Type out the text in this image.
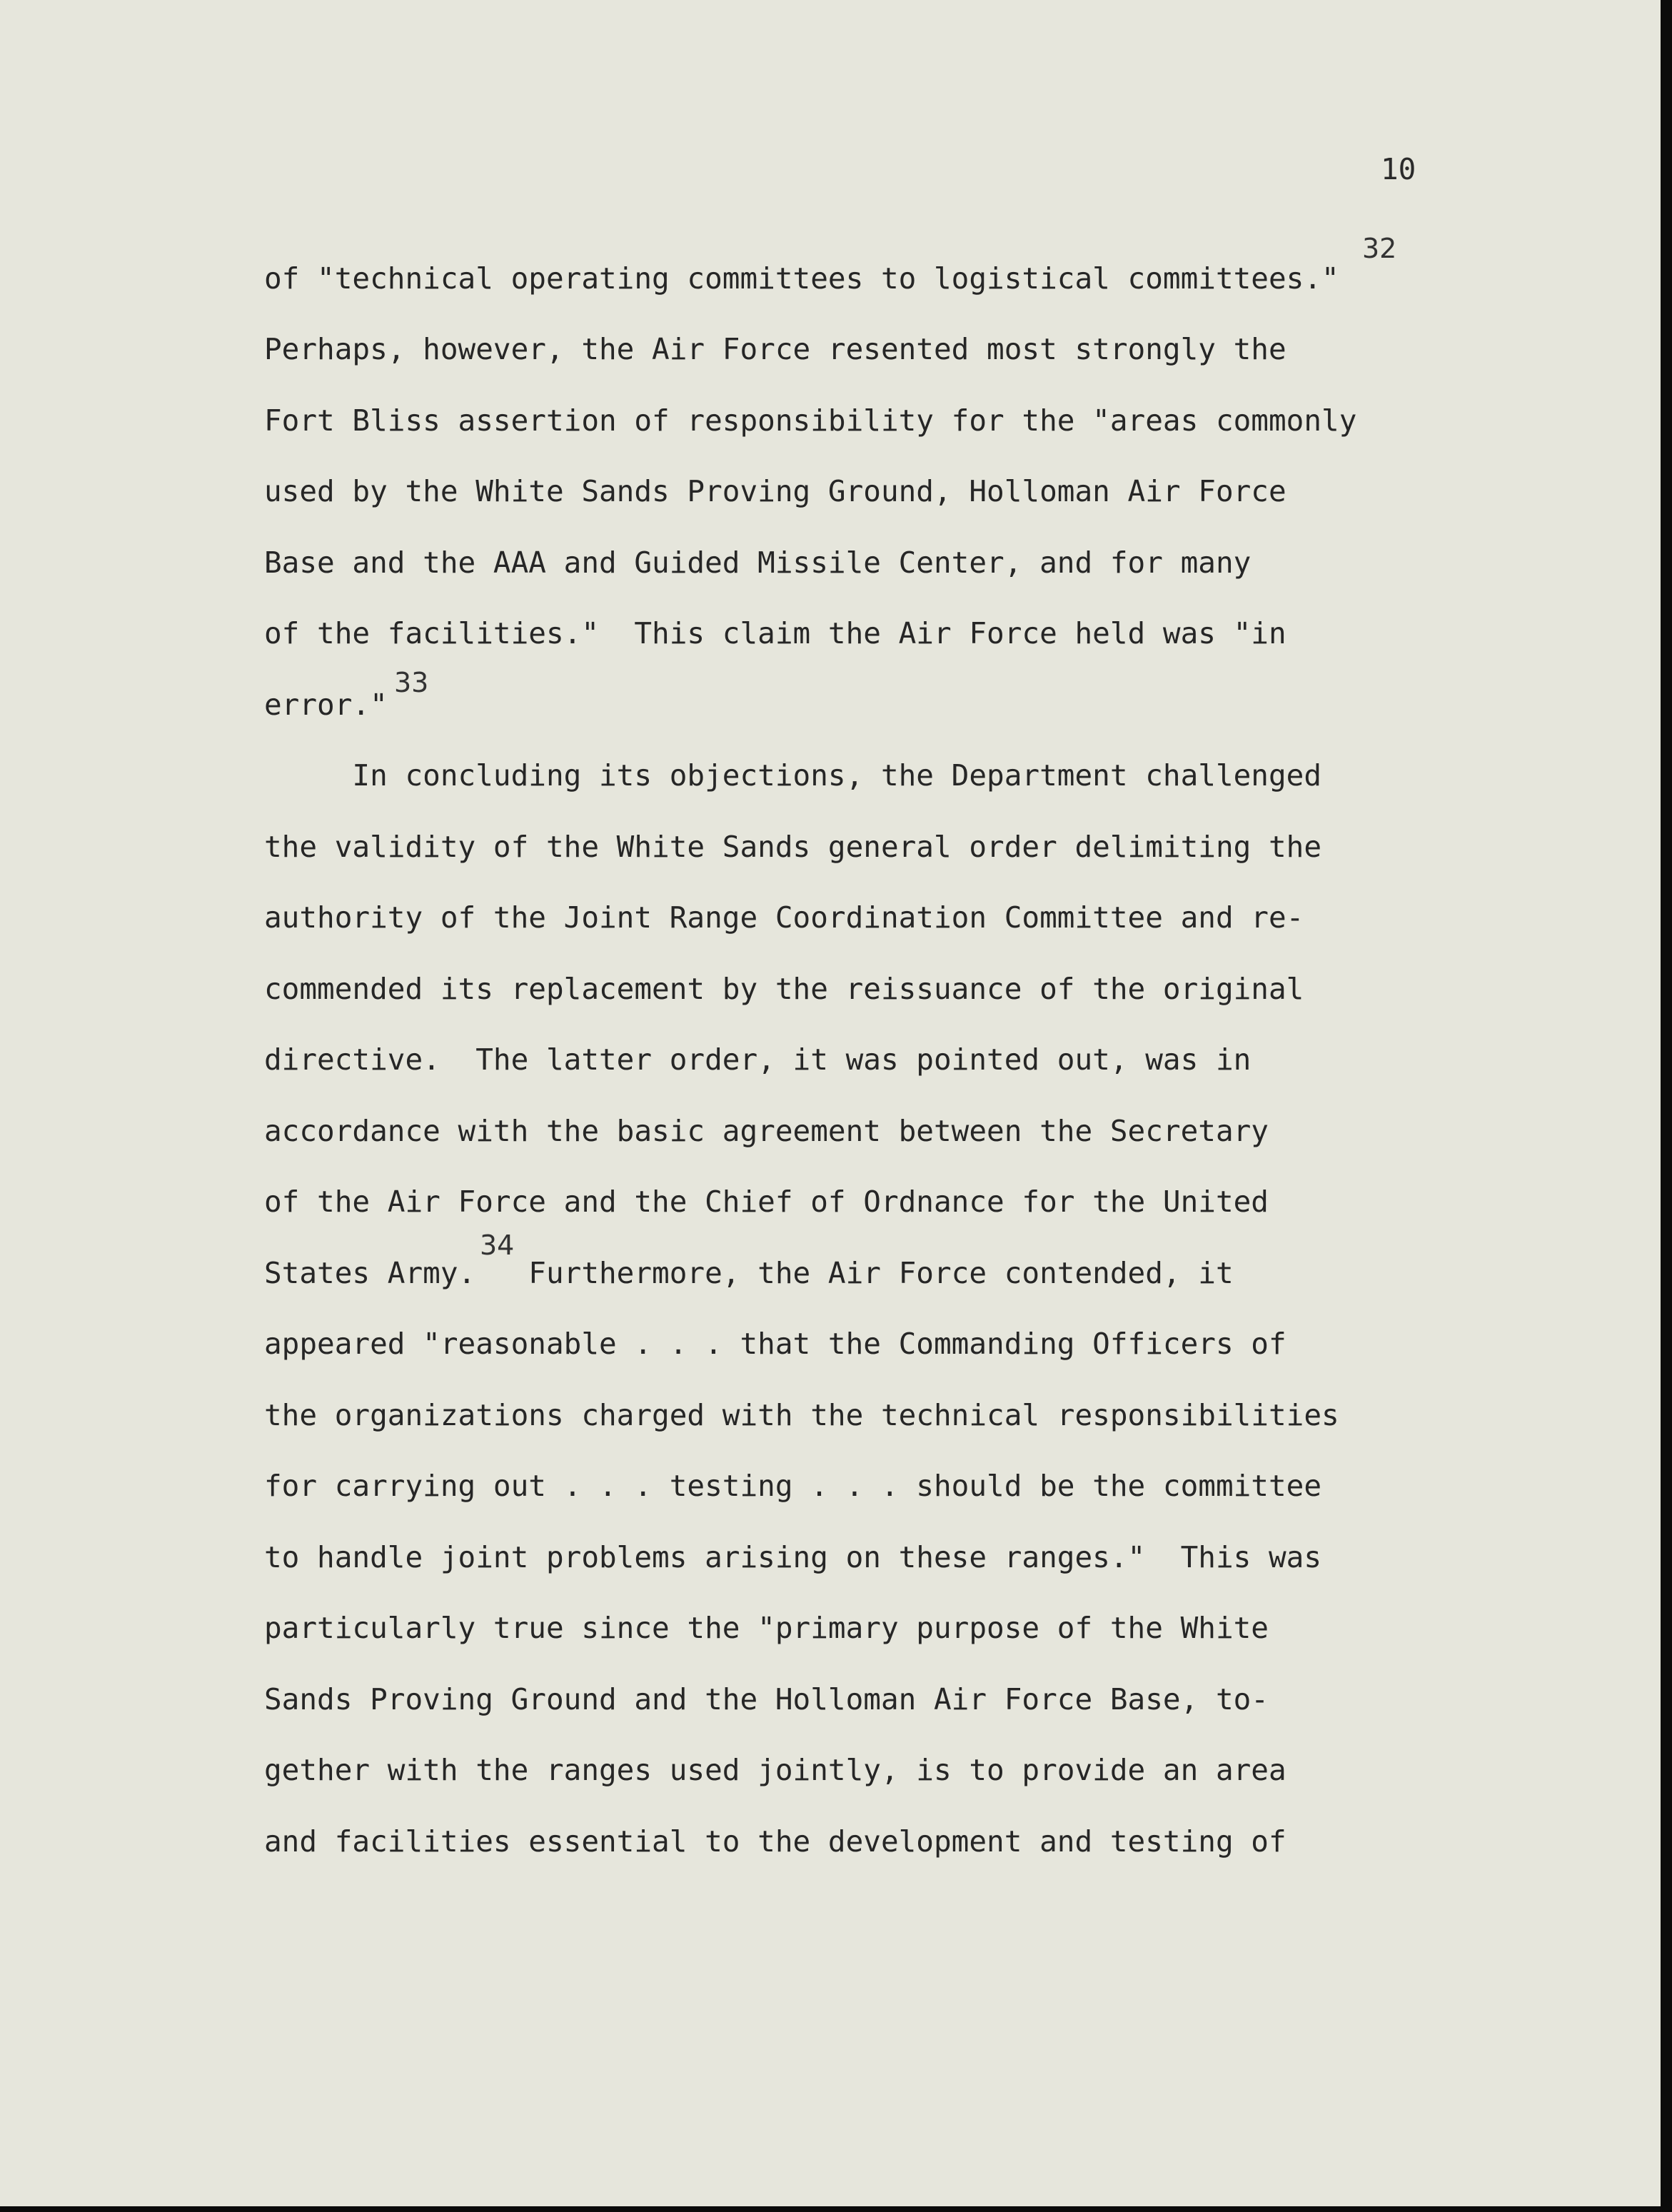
10
of "technical operating committees to logistical committees."
Perhaps, however, the Air Force resented most strongly the
Fort Bliss assertion of responsibility for the "areas commonly
used by the White Sands Proving Ground, Holloman Air Force
Base and the AAA and Guided Missile Center, and for many
of the facilities."  This claim the Air Force held was "in
error."
In concluding its objections, the Department challenged
the validity of the White Sands general order delimiting the
authority of the Joint Range Coordination Committee and re-
commended its replacement by the reissuance of the original
directive.  The latter order, it was pointed out, was in
accordance with the basic agreement between the Secretary
of the Air Force and the Chief of Ordnance for the United
States Army.   Furthermore, the Air Force contended, it
appeared "reasonable . . . that the Commanding Officers of
the organizations charged with the technical responsibilities
for carrying out . . . testing . . . should be the committee
to handle joint problems arising on these ranges."  This was
particularly true since the "primary purpose of the White
Sands Proving Ground and the Holloman Air Force Base, to-
gether with the ranges used jointly, is to provide an area
and facilities essential to the development and testing of
32
33
34
